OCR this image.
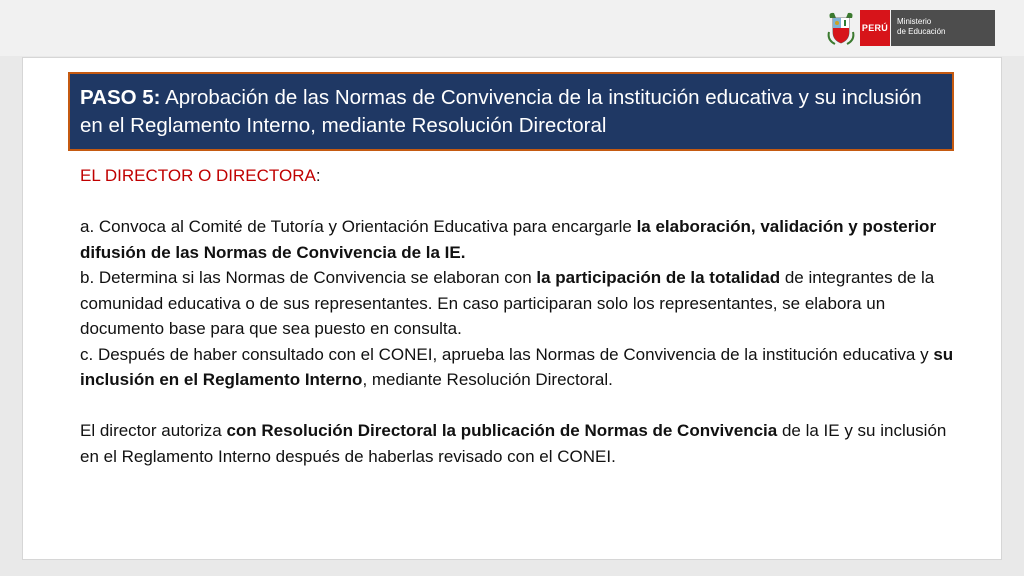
PERÚ
Ministerio
de Educación
PASO 5: Aprobación de las Normas de Convivencia de la institución educativa y su inclusión en el Reglamento Interno, mediante Resolución Directoral

EL DIRECTOR O DIRECTORA:

a. Convoca al Comité de Tutoría y Orientación Educativa para encargarle la elaboración, validación y posterior difusión de las Normas de Convivencia de la IE.

b. Determina si las Normas de Convivencia se elaboran con la participación de la totalidad de integrantes de la comunidad educativa o de sus representantes. En caso participaran solo los representantes, se elabora un documento base para que sea puesto en consulta.

c. Después de haber consultado con el CONEI, aprueba las Normas de Convivencia de la institución educativa y su inclusión en el Reglamento Interno, mediante Resolución Directoral.

El director autoriza con Resolución Directoral la publicación de Normas de Convivencia de la IE y su inclusión en el Reglamento Interno después de haberlas revisado con el CONEI.
